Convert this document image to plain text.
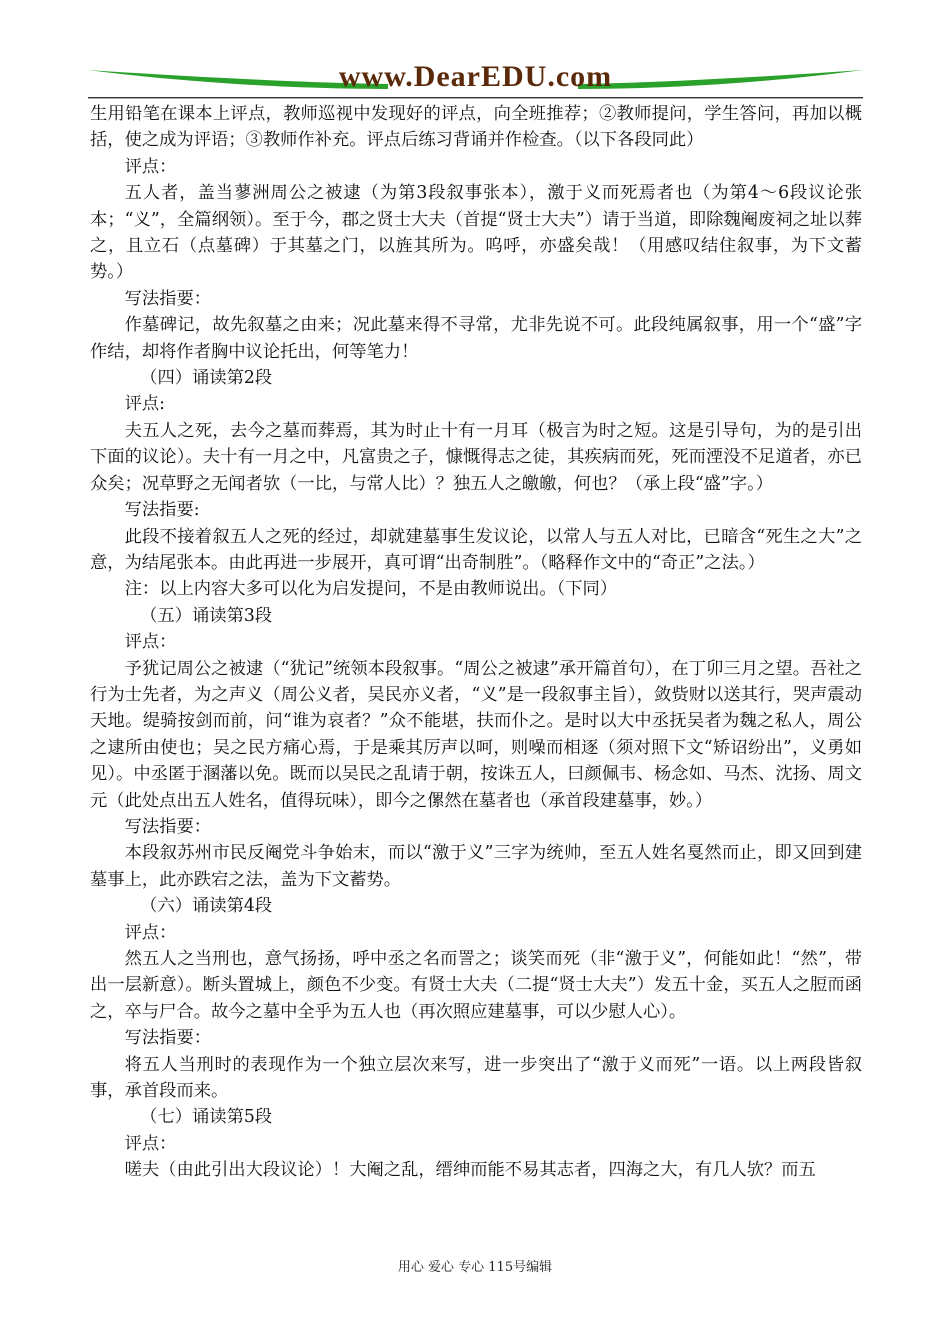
www.DearEDU.com

生用铅笔在课本上评点，教师巡视中发现好的评点，向全班推荐；②教师提问，学生答问，再加以概括，使之成为评语；③教师作补充。评点后练习背诵并作检查。（以下各段同此）

评点：

五人者，盖当蓼洲周公之被逮（为第3段叙事张本），激于义而死焉者也（为第4～6段议论张本；“义”，全篇纲领）。至于今，郡之贤士大夫（首提“贤士大夫”）请于当道，即除魏阉废祠之址以葬之，且立石（点墓碑）于其墓之门，以旌其所为。呜呼，亦盛矣哉！（用感叹结住叙事，为下文蓄势。）

写法指要：

作墓碑记，故先叙墓之由来；况此墓来得不寻常，尤非先说不可。此段纯属叙事，用一个“盛”字作结，却将作者胸中议论托出，何等笔力！

（四）诵读第2段

评点:

夫五人之死，去今之墓而葬焉，其为时止十有一月耳（极言为时之短。这是引导句，为的是引出下面的议论）。夫十有一月之中，凡富贵之子，慷慨得志之徒，其疾病而死，死而湮没不足道者，亦已众矣；况草野之无闻者欤（一比，与常人比）？独五人之皦皦，何也？（承上段“盛”字。）

写法指要:

此段不接着叙五人之死的经过，却就建墓事生发议论，以常人与五人对比，已暗含“死生之大”之意，为结尾张本。由此再进一步展开，真可谓“出奇制胜”。（略释作文中的“奇正”之法。）

注：以上内容大多可以化为启发提问，不是由教师说出。（下同）

（五）诵读第3段

评点：

予犹记周公之被逮（“犹记”统领本段叙事。“周公之被逮”承开篇首句），在丁卯三月之望。吾社之行为士先者，为之声义（周公义者，吴民亦义者，“义”是一段叙事主旨），敛赀财以送其行，哭声震动天地。缇骑按剑而前，问“谁为哀者？”众不能堪，扶而仆之。是时以大中丞抚吴者为魏之私人，周公之逮所由使也；吴之民方痛心焉，于是乘其厉声以呵，则噪而相逐（须对照下文“矫诏纷出”，义勇如见）。中丞匿于溷藩以免。既而以吴民之乱请于朝，按诛五人，曰颜佩韦、杨念如、马杰、沈扬、周文元（此处点出五人姓名，值得玩味），即今之傫然在墓者也（承首段建墓事，妙。）

写法指要：

本段叙苏州市民反阉党斗争始末，而以“激于义”三字为统帅，至五人姓名戛然而止，即又回到建墓事上，此亦跌宕之法，盖为下文蓄势。

（六）诵读第4段

评点：

然五人之当刑也，意气扬扬，呼中丞之名而詈之；谈笑而死（非“激于义”，何能如此！“然”，带出一层新意）。断头置城上，颜色不少变。有贤士大夫（二提“贤士大夫”）发五十金，买五人之脰而函之，卒与尸合。故今之墓中全乎为五人也（再次照应建墓事，可以少慰人心）。

写法指要：

将五人当刑时的表现作为一个独立层次来写，进一步突出了“激于义而死”一语。以上两段皆叙事，承首段而来。

（七）诵读第5段

评点：

嗟夫（由此引出大段议论）！大阉之乱，缙绅而能不易其志者，四海之大，有几人欤？而五

用心 爱心 专心 115号编辑
